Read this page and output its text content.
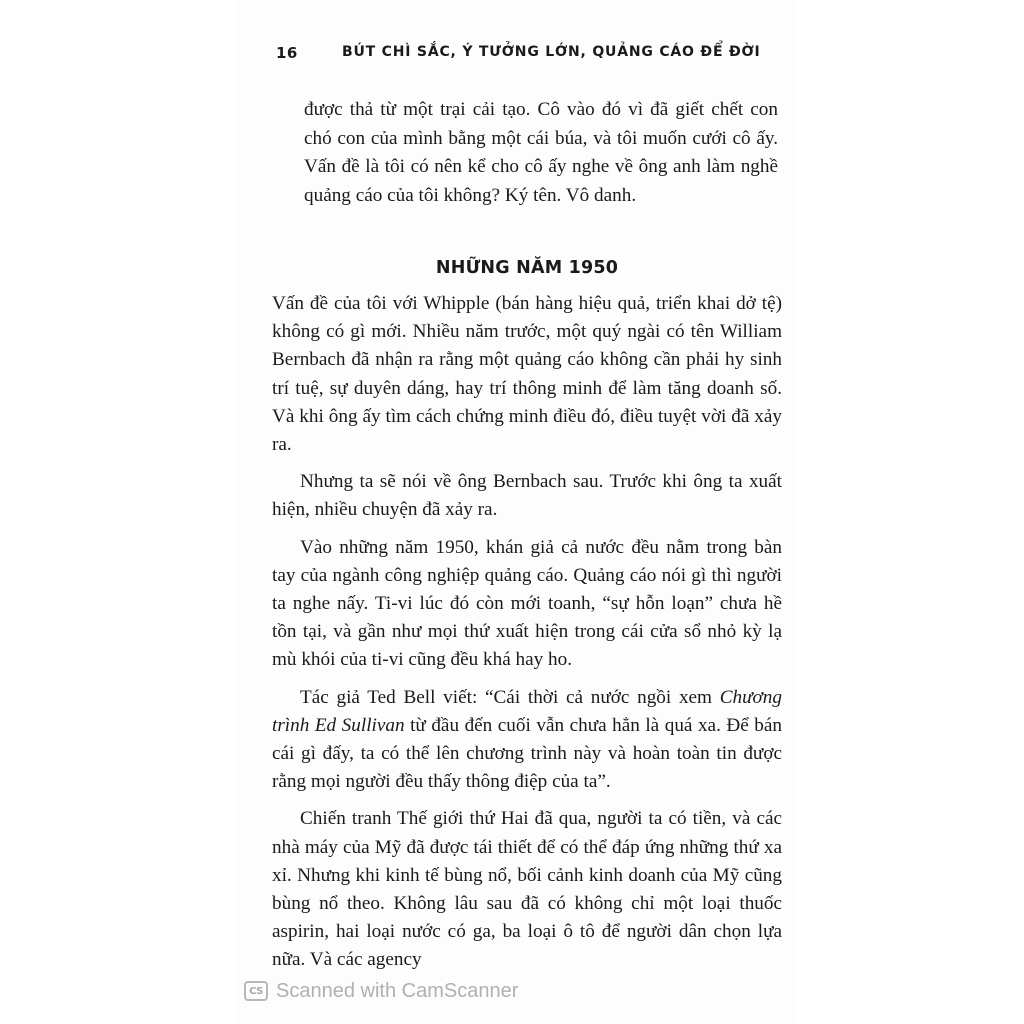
16	BÚT CHÌ SẮC, Ý TƯỞNG LỚN, QUẢNG CÁO ĐỂ ĐỜI
được thả từ một trại cải tạo. Cô vào đó vì đã giết chết con chó con của mình bằng một cái búa, và tôi muốn cưới cô ấy. Vấn đề là tôi có nên kể cho cô ấy nghe về ông anh làm nghề quảng cáo của tôi không? Ký tên. Vô danh.
NHỮNG NĂM 1950

Vấn đề của tôi với Whipple (bán hàng hiệu quả, triển khai dở tệ) không có gì mới. Nhiều năm trước, một quý ngài có tên William Bernbach đã nhận ra rằng một quảng cáo không cần phải hy sinh trí tuệ, sự duyên dáng, hay trí thông minh để làm tăng doanh số. Và khi ông ấy tìm cách chứng minh điều đó, điều tuyệt vời đã xảy ra.

Nhưng ta sẽ nói về ông Bernbach sau. Trước khi ông ta xuất hiện, nhiều chuyện đã xảy ra.

Vào những năm 1950, khán giả cả nước đều nằm trong bàn tay của ngành công nghiệp quảng cáo. Quảng cáo nói gì thì người ta nghe nấy. Ti-vi lúc đó còn mới toanh, “sự hỗn loạn” chưa hề tồn tại, và gần như mọi thứ xuất hiện trong cái cửa sổ nhỏ kỳ lạ mù khói của ti-vi cũng đều khá hay ho.

Tác giả Ted Bell viết: “Cái thời cả nước ngồi xem Chương trình Ed Sullivan từ đầu đến cuối vẫn chưa hẳn là quá xa. Để bán cái gì đấy, ta có thể lên chương trình này và hoàn toàn tin được rằng mọi người đều thấy thông điệp của ta”.

Chiến tranh Thế giới thứ Hai đã qua, người ta có tiền, và các nhà máy của Mỹ đã được tái thiết để có thể đáp ứng những thứ xa xỉ. Nhưng khi kinh tế bùng nổ, bối cảnh kinh doanh của Mỹ cũng bùng nổ theo. Không lâu sau đã có không chỉ một loại thuốc aspirin, hai loại nước có ga, ba loại ô tô để người dân chọn lựa nữa. Và các agency

CS Scanned with CamScanner
